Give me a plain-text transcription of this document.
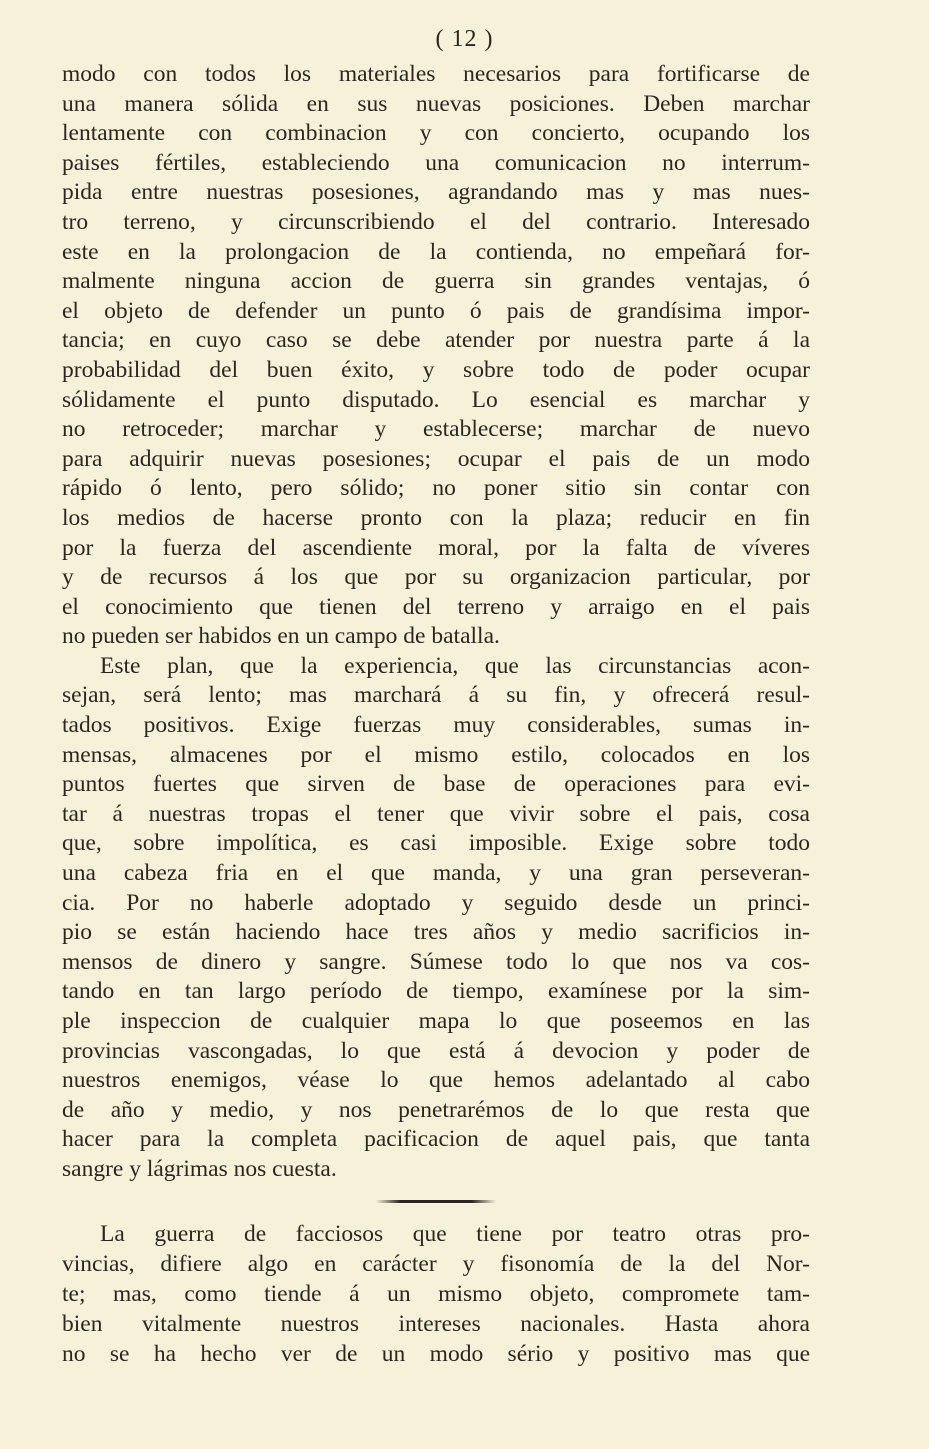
( 12 )
modo con todos los materiales necesarios para fortificarse de
una manera sólida en sus nuevas posiciones. Deben marchar
lentamente con combinacion y con concierto, ocupando los
paises fértiles, estableciendo una comunicacion no interrum-
pida entre nuestras posesiones, agrandando mas y mas nues-
tro terreno, y circunscribiendo el del contrario. Interesado
este en la prolongacion de la contienda, no empeñará for-
malmente ninguna accion de guerra sin grandes ventajas, ó
el objeto de defender un punto ó pais de grandísima impor-
tancia; en cuyo caso se debe atender por nuestra parte á la
probabilidad del buen éxito, y sobre todo de poder ocupar
sólidamente el punto disputado. Lo esencial es marchar y
no retroceder; marchar y establecerse; marchar de nuevo
para adquirir nuevas posesiones; ocupar el pais de un modo
rápido ó lento, pero sólido; no poner sitio sin contar con
los medios de hacerse pronto con la plaza; reducir en fin
por la fuerza del ascendiente moral, por la falta de víveres
y de recursos á los que por su organizacion particular, por
el conocimiento que tienen del terreno y arraigo en el pais
no pueden ser habidos en un campo de batalla.
Este plan, que la experiencia, que las circunstancias acon-
sejan, será lento; mas marchará á su fin, y ofrecerá resul-
tados positivos. Exige fuerzas muy considerables, sumas in-
mensas, almacenes por el mismo estilo, colocados en los
puntos fuertes que sirven de base de operaciones para evi-
tar á nuestras tropas el tener que vivir sobre el pais, cosa
que, sobre impolítica, es casi imposible. Exige sobre todo
una cabeza fria en el que manda, y una gran perseveran-
cia. Por no haberle adoptado y seguido desde un princi-
pio se están haciendo hace tres años y medio sacrificios in-
mensos de dinero y sangre. Súmese todo lo que nos va cos-
tando en tan largo período de tiempo, examínese por la sim-
ple inspeccion de cualquier mapa lo que poseemos en las
provincias vascongadas, lo que está á devocion y poder de
nuestros enemigos, véase lo que hemos adelantado al cabo
de año y medio, y nos penetrarémos de lo que resta que
hacer para la completa pacificacion de aquel pais, que tanta
sangre y lágrimas nos cuesta.
La guerra de facciosos que tiene por teatro otras pro-
vincias, difiere algo en carácter y fisonomía de la del Nor-
te; mas, como tiende á un mismo objeto, compromete tam-
bien vitalmente nuestros intereses nacionales. Hasta ahora
no se ha hecho ver de un modo sério y positivo mas que
